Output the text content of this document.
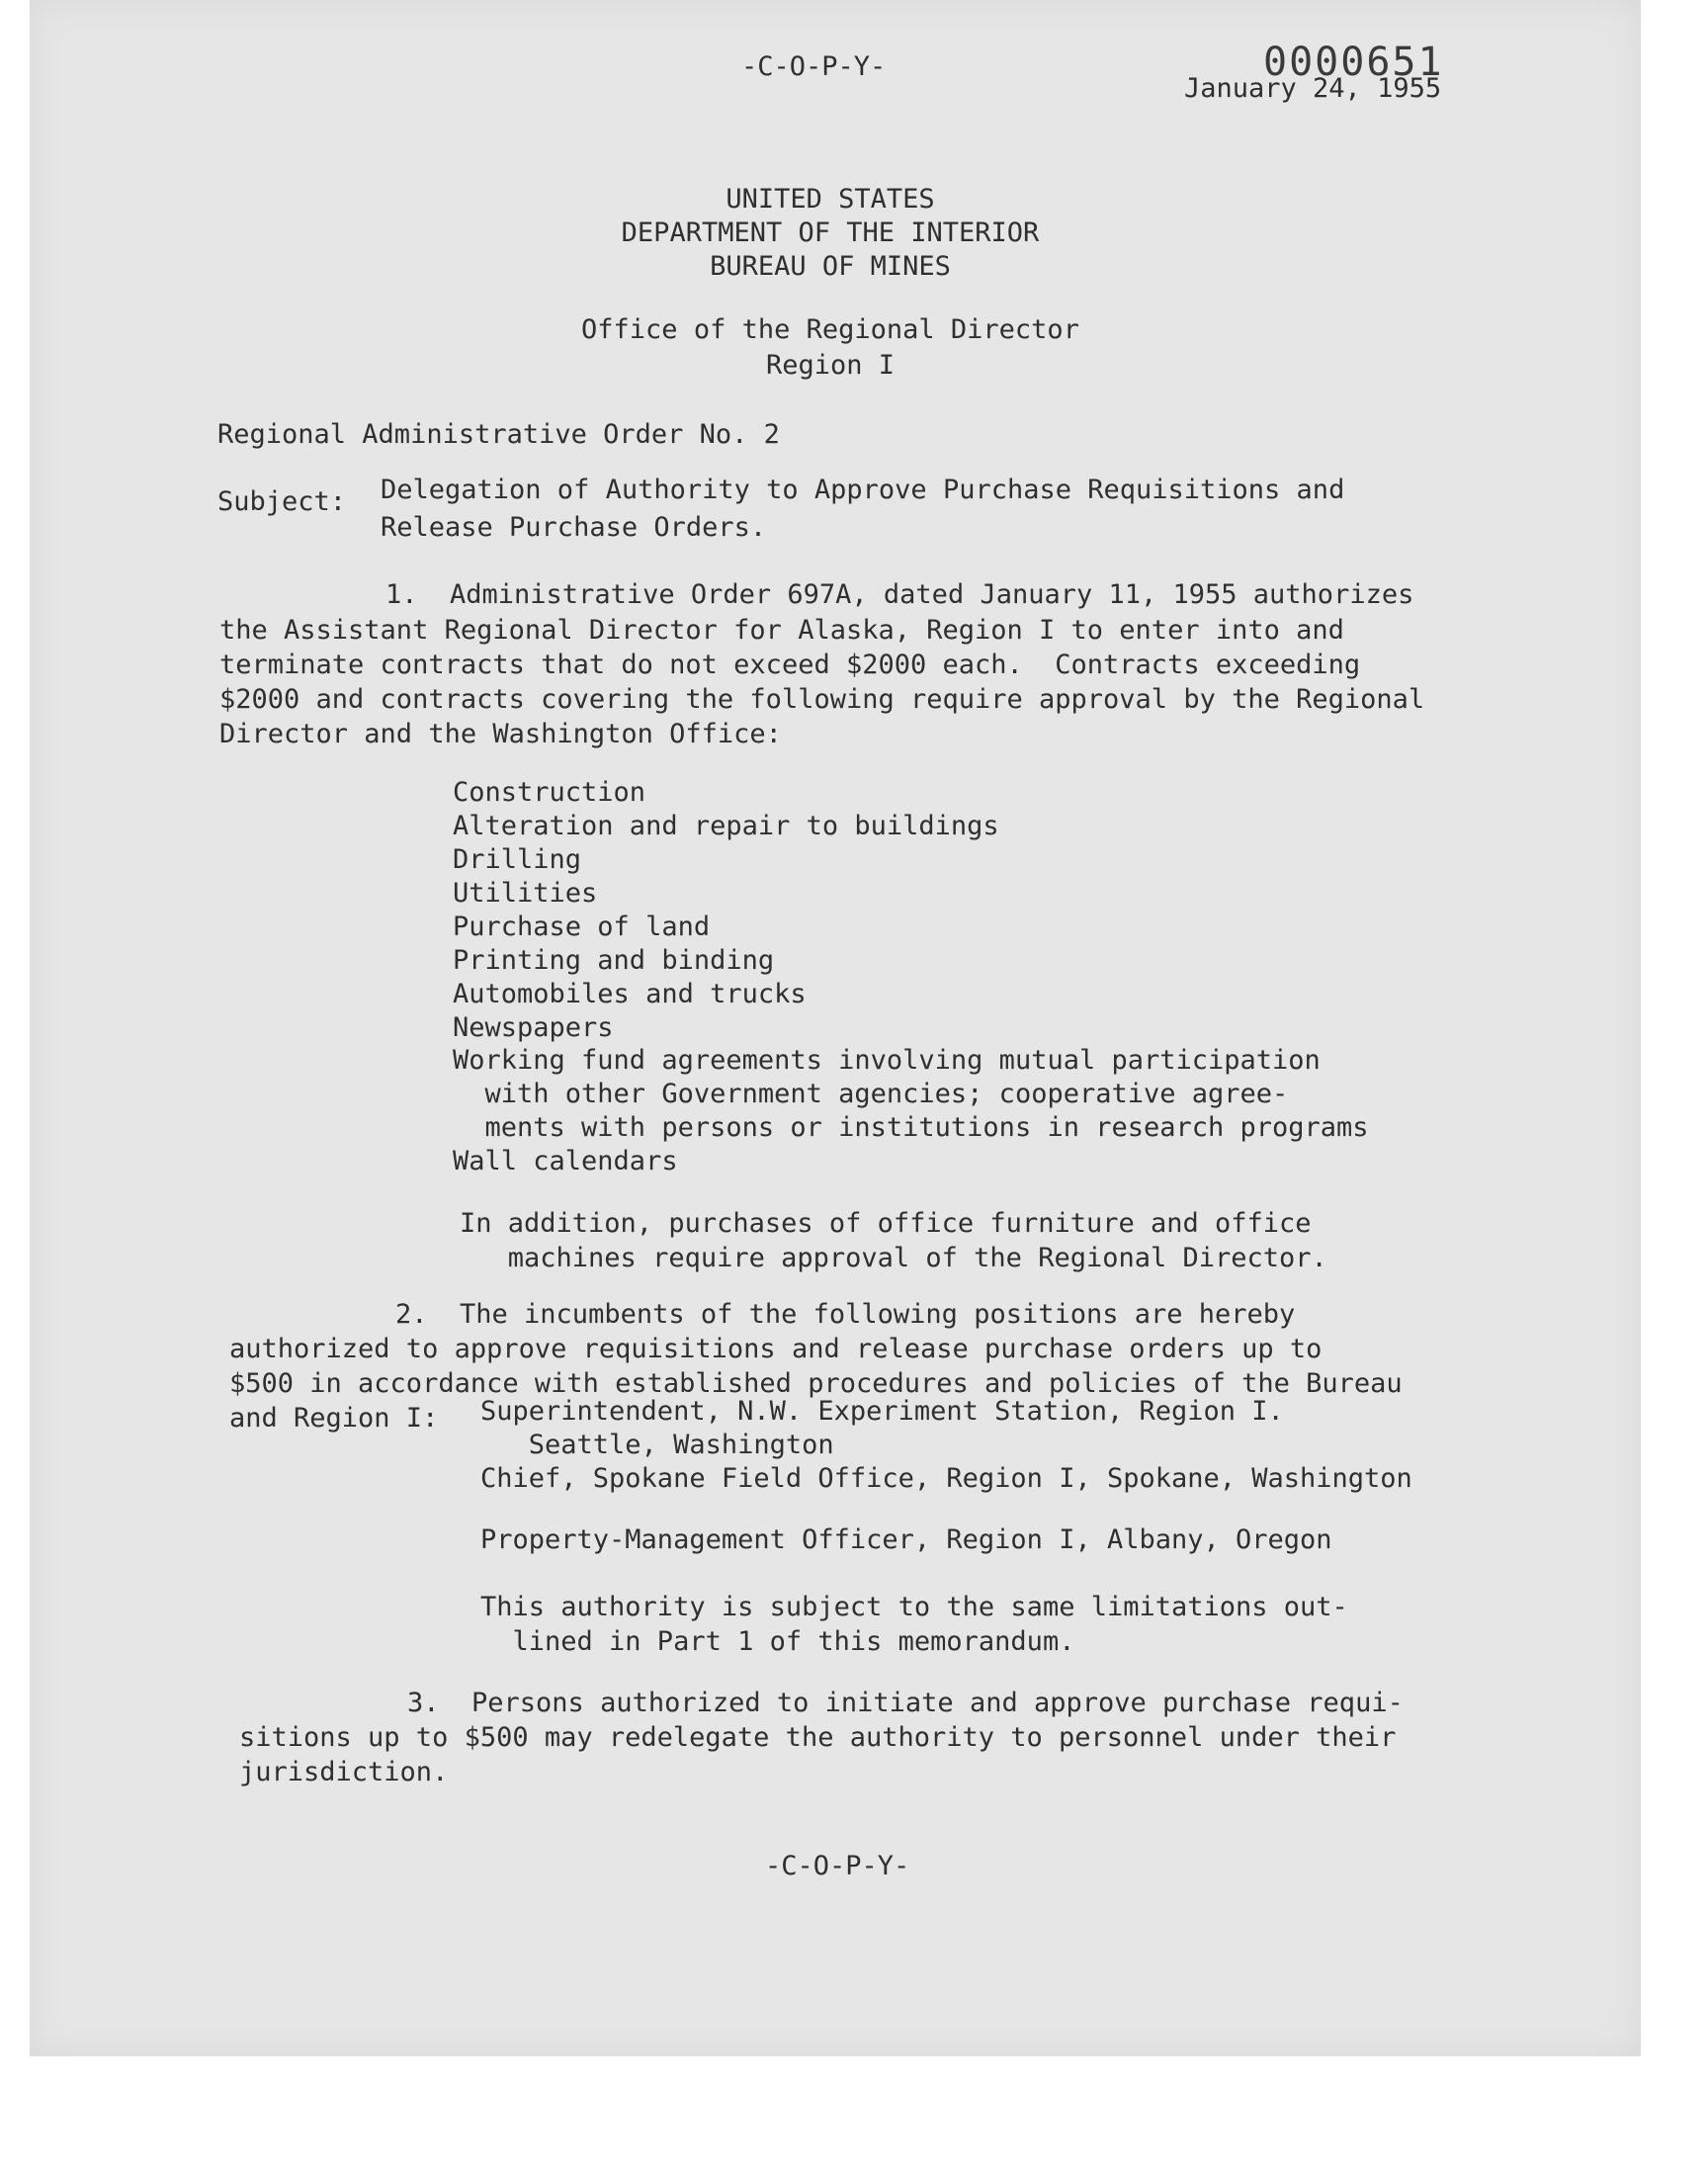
-C-O-P-Y-

January 24, 1955

0000651

UNITED STATES

DEPARTMENT OF THE INTERIOR

BUREAU OF MINES

Office of the Regional Director

Region I

Regional Administrative Order No. 2

Subject: Delegation of Authority to Approve Purchase Requisitions and

Release Purchase Orders.

1.  Administrative Order 697A, dated January 11, 1955 authorizes

the Assistant Regional Director for Alaska, Region I to enter into and

terminate contracts that do not exceed $2000 each.  Contracts exceeding

$2000 and contracts covering the following require approval by the Regional

Director and the Washington Office:

Construction

Alteration and repair to buildings

Drilling

Utilities

Purchase of land

Printing and binding

Automobiles and trucks

Newspapers

Working fund agreements involving mutual participation

with other Government agencies; cooperative agree-

ments with persons or institutions in research programs

Wall calendars

In addition, purchases of office furniture and office

machines require approval of the Regional Director.

2.  The incumbents of the following positions are hereby

authorized to approve requisitions and release purchase orders up to

$500 in accordance with established procedures and policies of the Bureau

and Region I: Superintendent, N.W. Experiment Station, Region I.

Seattle, Washington

Chief, Spokane Field Office, Region I, Spokane, Washington

Property-Management Officer, Region I, Albany, Oregon

This authority is subject to the same limitations out-

lined in Part 1 of this memorandum.

3.  Persons authorized to initiate and approve purchase requi-

sitions up to $500 may redelegate the authority to personnel under their

jurisdiction.

-C-O-P-Y-
